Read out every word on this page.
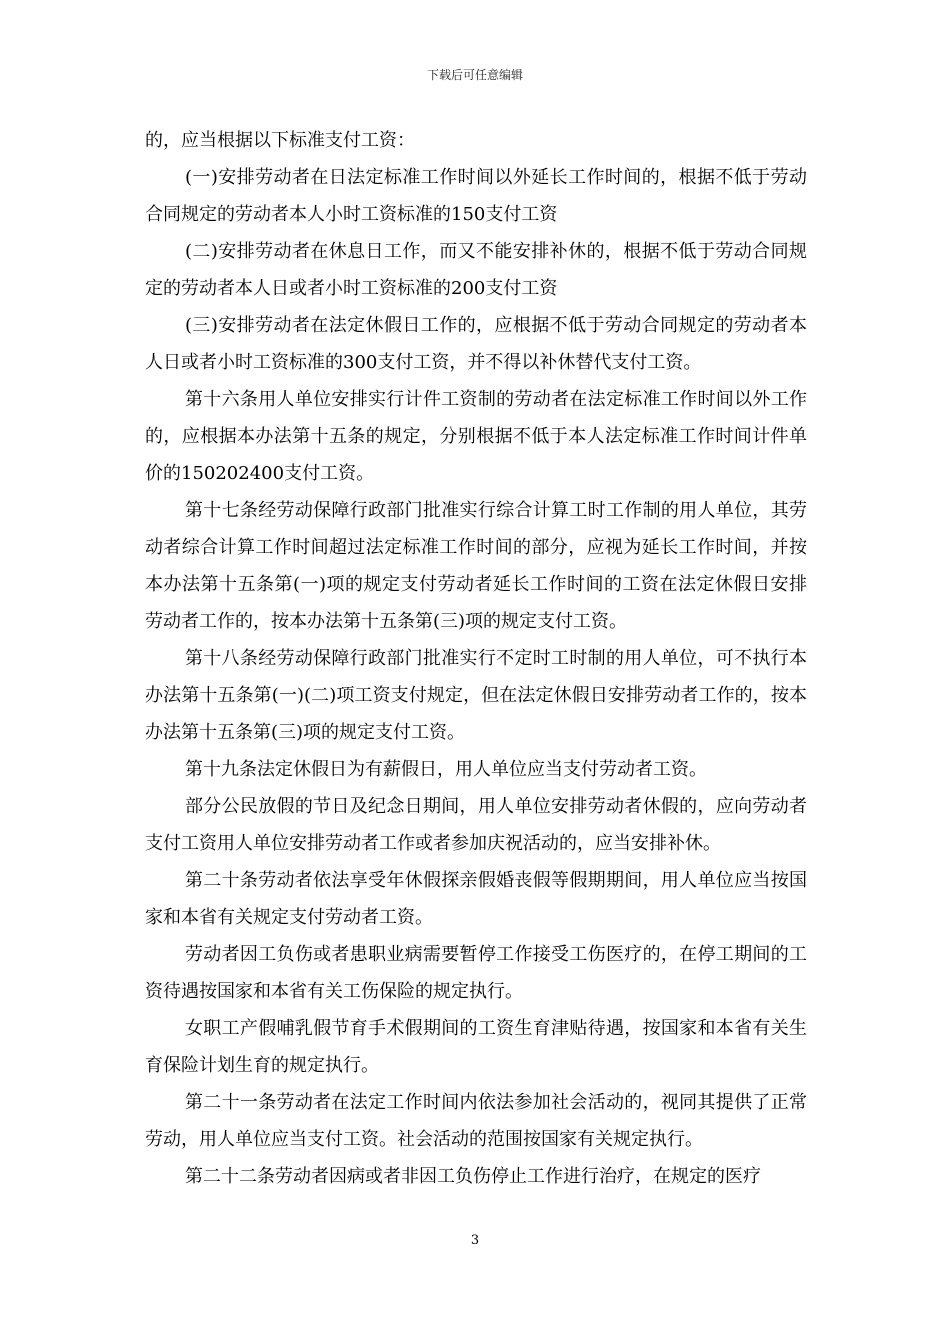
下载后可任意编辑

的，应当根据以下标准支付工资：

(一)安排劳动者在日法定标准工作时间以外延长工作时间的，根据不低于劳动合同规定的劳动者本人小时工资标准的150支付工资

(二)安排劳动者在休息日工作，而又不能安排补休的，根据不低于劳动合同规定的劳动者本人日或者小时工资标准的200支付工资

(三)安排劳动者在法定休假日工作的，应根据不低于劳动合同规定的劳动者本人日或者小时工资标准的300支付工资，并不得以补休替代支付工资。

第十六条用人单位安排实行计件工资制的劳动者在法定标准工作时间以外工作的，应根据本办法第十五条的规定，分别根据不低于本人法定标准工作时间计件单价的150202400支付工资。

第十七条经劳动保障行政部门批准实行综合计算工时工作制的用人单位，其劳动者综合计算工作时间超过法定标准工作时间的部分，应视为延长工作时间，并按本办法第十五条第(一)项的规定支付劳动者延长工作时间的工资在法定休假日安排劳动者工作的，按本办法第十五条第(三)项的规定支付工资。

第十八条经劳动保障行政部门批准实行不定时工时制的用人单位，可不执行本办法第十五条第(一)(二)项工资支付规定，但在法定休假日安排劳动者工作的，按本办法第十五条第(三)项的规定支付工资。

第十九条法定休假日为有薪假日，用人单位应当支付劳动者工资。

部分公民放假的节日及纪念日期间，用人单位安排劳动者休假的，应向劳动者支付工资用人单位安排劳动者工作或者参加庆祝活动的，应当安排补休。

第二十条劳动者依法享受年休假探亲假婚丧假等假期期间，用人单位应当按国家和本省有关规定支付劳动者工资。

劳动者因工负伤或者患职业病需要暂停工作接受工伤医疗的，在停工期间的工资待遇按国家和本省有关工伤保险的规定执行。

女职工产假哺乳假节育手术假期间的工资生育津贴待遇，按国家和本省有关生育保险计划生育的规定执行。

第二十一条劳动者在法定工作时间内依法参加社会活动的，视同其提供了正常劳动，用人单位应当支付工资。社会活动的范围按国家有关规定执行。

第二十二条劳动者因病或者非因工负伤停止工作进行治疗，在规定的医疗

3
